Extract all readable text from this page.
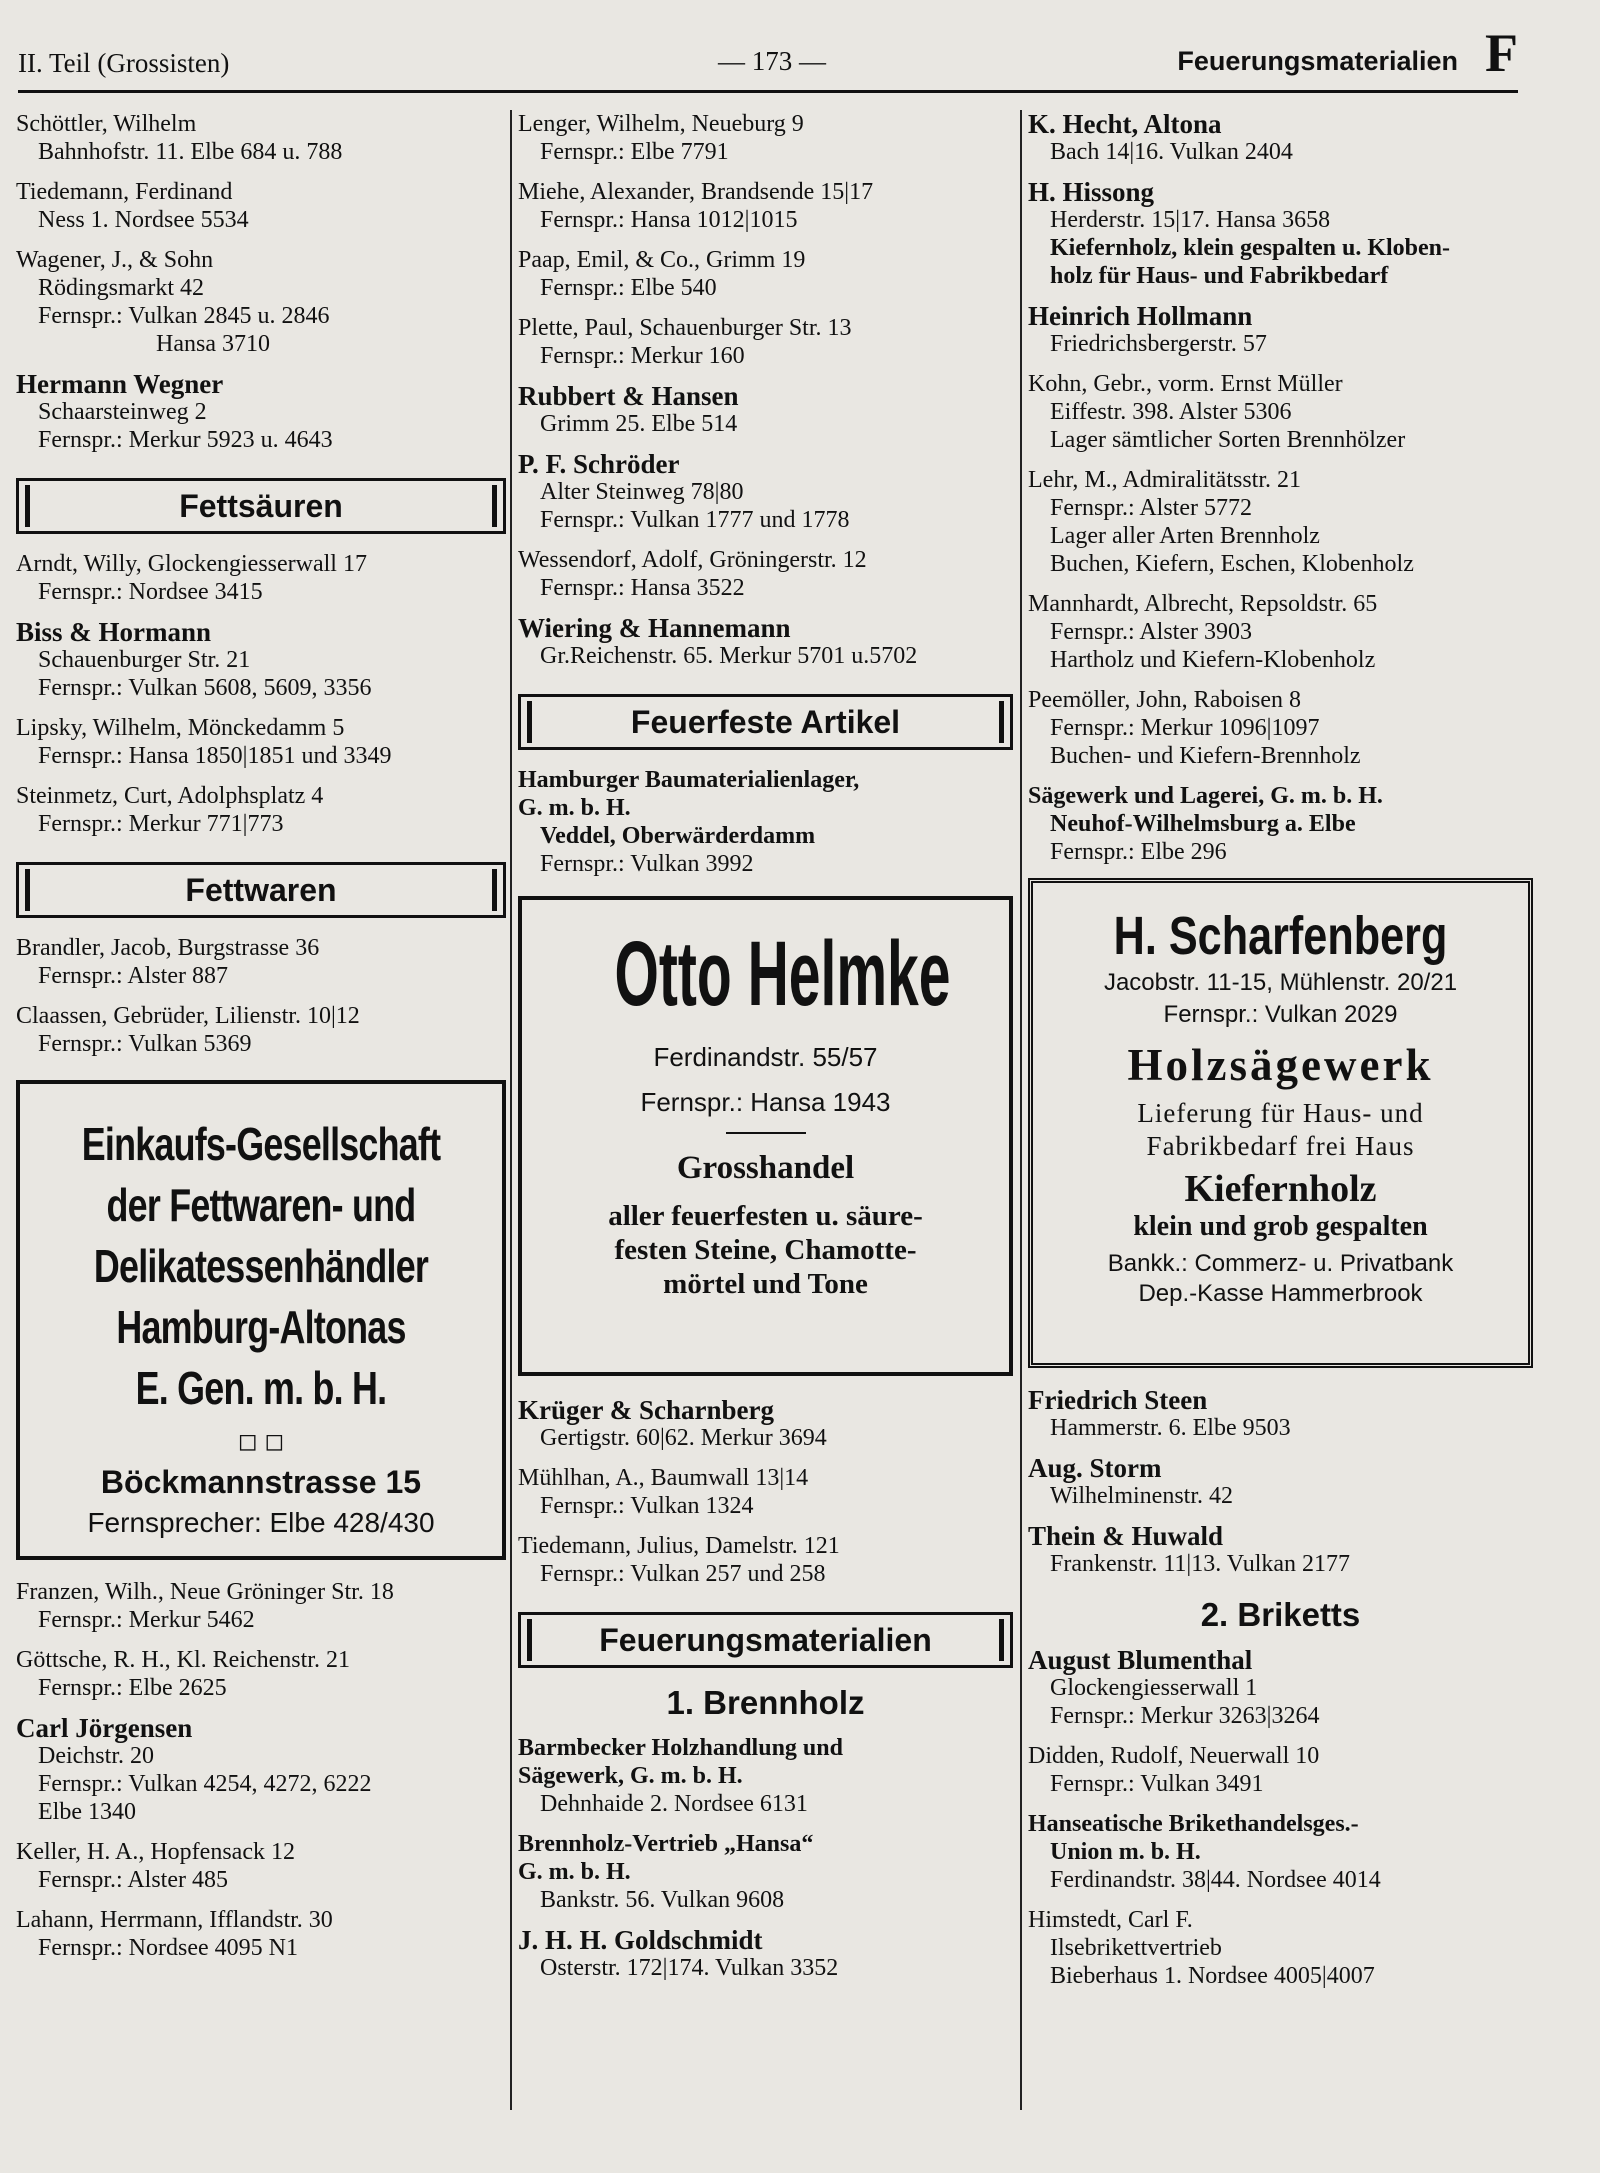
II. Teil (Grossisten)	— 173 —	Feuerungsmaterialien F
Schöttler, Wilhelm
Bahnhofstr. 11. Elbe 684 u. 788
Tiedemann, Ferdinand
Ness 1. Nordsee 5534
Wagener, J., & Sohn
Rödingsmarkt 42
Fernspr.: Vulkan 2845 u. 2846
Hansa 3710
Hermann Wegner
Schaarsteinweg 2
Fernspr.: Merkur 5923 u. 4643
Fettsäuren
Arndt, Willy, Glockengiesserwall 17
Fernspr.: Nordsee 3415
Biss & Hormann
Schauenburger Str. 21
Fernspr.: Vulkan 5608, 5609, 3356
Lipsky, Wilhelm, Mönckedamm 5
Fernspr.: Hansa 1850|1851 und 3349
Steinmetz, Curt, Adolphsplatz 4
Fernspr.: Merkur 771|773
Fettwaren
Brandler, Jacob, Burgstrasse 36
Fernspr.: Alster 887
Claassen, Gebrüder, Lilienstr. 10|12
Fernspr.: Vulkan 5369
Einkaufs-Gesellschaft
der Fettwaren- und
Delikatessenhändler
Hamburg-Altonas
E. Gen. m. b. H.
◻ ◻
Böckmannstrasse 15
Fernsprecher: Elbe 428/430
Franzen, Wilh., Neue Gröninger Str. 18
Fernspr.: Merkur 5462
Göttsche, R. H., Kl. Reichenstr. 21
Fernspr.: Elbe 2625
Carl Jörgensen
Deichstr. 20
Fernspr.: Vulkan 4254, 4272, 6222
Elbe 1340
Keller, H. A., Hopfensack 12
Fernspr.: Alster 485
Lahann, Herrmann, Ifflandstr. 30
Fernspr.: Nordsee 4095 N1
Lenger, Wilhelm, Neueburg 9
Fernspr.: Elbe 7791
Miehe, Alexander, Brandsende 15|17
Fernspr.: Hansa 1012|1015
Paap, Emil, & Co., Grimm 19
Fernspr.: Elbe 540
Plette, Paul, Schauenburger Str. 13
Fernspr.: Merkur 160
Rubbert & Hansen
Grimm 25. Elbe 514
P. F. Schröder
Alter Steinweg 78|80
Fernspr.: Vulkan 1777 und 1778
Wessendorf, Adolf, Gröningerstr. 12
Fernspr.: Hansa 3522
Wiering & Hannemann
Gr.Reichenstr. 65. Merkur 5701 u.5702
Feuerfeste Artikel
Hamburger Baumaterialienlager,
G. m. b. H.
Veddel, Oberwärderdamm
Fernspr.: Vulkan 3992
Otto Helmke
Ferdinandstr. 55/57
Fernspr.: Hansa 1943
Grosshandel
aller feuerfesten u. säure-
festen Steine, Chamotte-
mörtel und Tone
Krüger & Scharnberg
Gertigstr. 60|62. Merkur 3694
Mühlhan, A., Baumwall 13|14
Fernspr.: Vulkan 1324
Tiedemann, Julius, Damelstr. 121
Fernspr.: Vulkan 257 und 258
Feuerungsmaterialien
1. Brennholz
Barmbecker Holzhandlung und
Sägewerk, G. m. b. H.
Dehnhaide 2. Nordsee 6131
Brennholz-Vertrieb „Hansa“
G. m. b. H.
Bankstr. 56. Vulkan 9608
J. H. H. Goldschmidt
Osterstr. 172|174. Vulkan 3352
K. Hecht, Altona
Bach 14|16. Vulkan 2404
H. Hissong
Herderstr. 15|17. Hansa 3658
Kiefernholz, klein gespalten u. Kloben-
holz für Haus- und Fabrikbedarf
Heinrich Hollmann
Friedrichsbergerstr. 57
Kohn, Gebr., vorm. Ernst Müller
Eiffestr. 398. Alster 5306
Lager sämtlicher Sorten Brennhölzer
Lehr, M., Admiralitätsstr. 21
Fernspr.: Alster 5772
Lager aller Arten Brennholz
Buchen, Kiefern, Eschen, Klobenholz
Mannhardt, Albrecht, Repsoldstr. 65
Fernspr.: Alster 3903
Hartholz und Kiefern-Klobenholz
Peemöller, John, Raboisen 8
Fernspr.: Merkur 1096|1097
Buchen- und Kiefern-Brennholz
Sägewerk und Lagerei, G. m. b. H.
Neuhof-Wilhelmsburg a. Elbe
Fernspr.: Elbe 296
H. Scharfenberg
Jacobstr. 11-15, Mühlenstr. 20/21
Fernspr.: Vulkan 2029
Holzsägewerk
Lieferung für Haus- und
Fabrikbedarf frei Haus
Kiefernholz
klein und grob gespalten
Bankk.: Commerz- u. Privatbank
Dep.-Kasse Hammerbrook
Friedrich Steen
Hammerstr. 6. Elbe 9503
Aug. Storm
Wilhelminenstr. 42
Thein & Huwald
Frankenstr. 11|13. Vulkan 2177
2. Briketts
August Blumenthal
Glockengiesserwall 1
Fernspr.: Merkur 3263|3264
Didden, Rudolf, Neuerwall 10
Fernspr.: Vulkan 3491
Hanseatische Brikethandelsges.-
Union m. b. H.
Ferdinandstr. 38|44. Nordsee 4014
Himstedt, Carl F.
Ilsebrikettvertrieb
Bieberhaus 1. Nordsee 4005|4007
